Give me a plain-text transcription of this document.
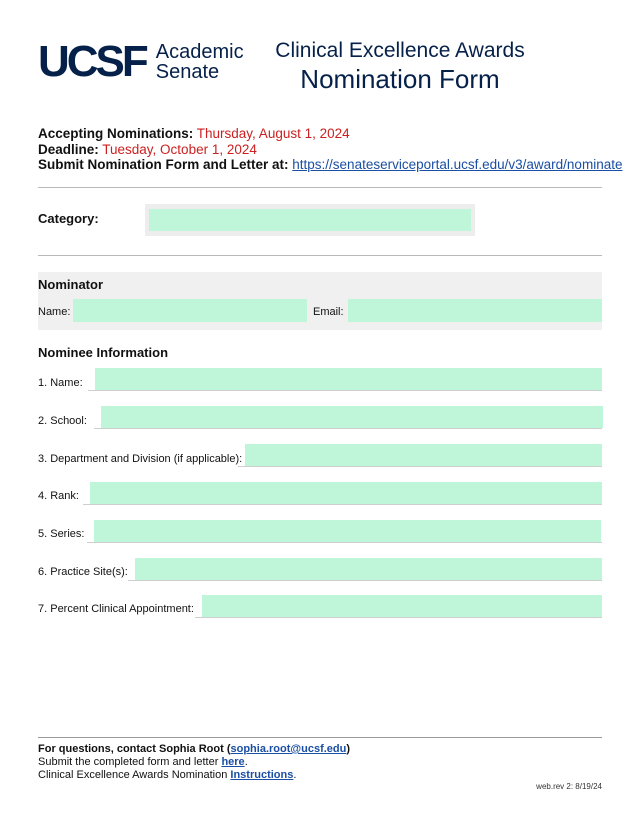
UCSF Academic
Senate
Clinical Excellence Awards
Nomination Form
Accepting Nominations: Thursday, August 1, 2024
Deadline: Tuesday, October 1, 2024
Submit Nomination Form and Letter at: https://senateserviceportal.ucsf.edu/v3/award/nominate
Category:
Nominator
Name:	Email:
Nominee Information
1. Name:
2. School:
3. Department and Division (if applicable):
4. Rank:
5. Series:
6. Practice Site(s):
7. Percent Clinical Appointment:
For questions, contact Sophia Root (sophia.root@ucsf.edu)
Submit the completed form and letter here.
Clinical Excellence Awards Nomination Instructions.
web.rev 2: 8/19/24
